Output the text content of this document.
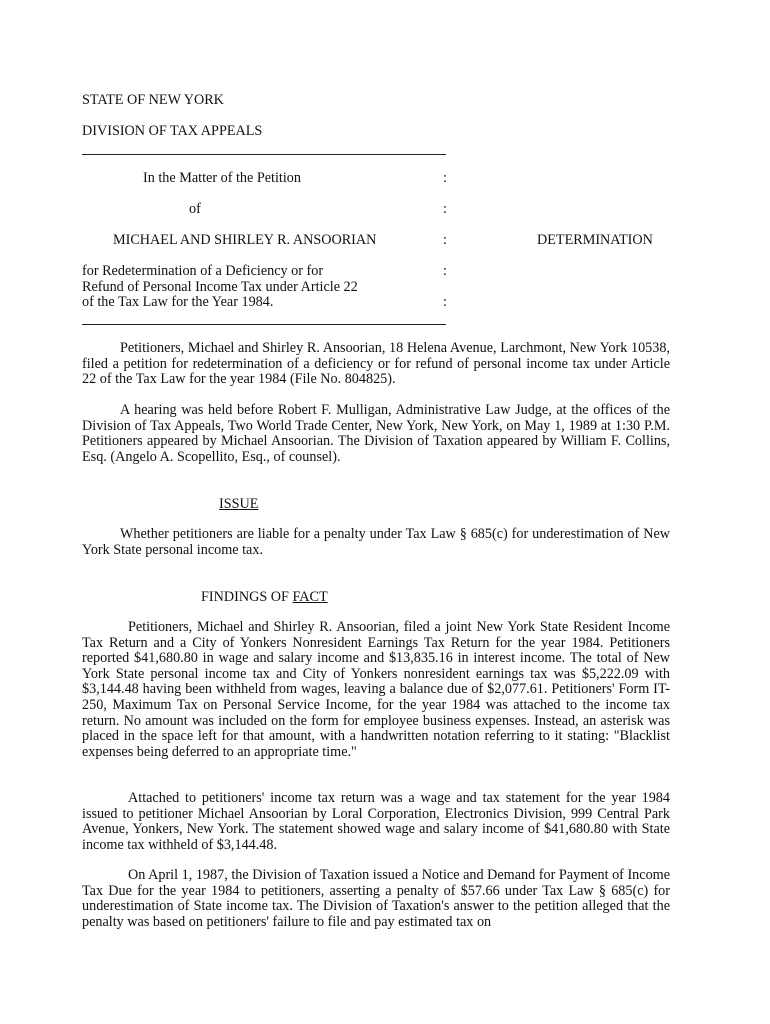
STATE OF NEW YORK
DIVISION OF TAX APPEALS
In the Matter of the Petition	:
of	:
MICHAEL AND SHIRLEY R. ANSOORIAN	:	DETERMINATION
for Redetermination of a Deficiency or for	:
Refund of Personal Income Tax under Article 22
of the Tax Law for the Year 1984.	:
Petitioners, Michael and Shirley R. Ansoorian, 18 Helena Avenue, Larchmont, New York 10538, filed a petition for redetermination of a deficiency or for refund of personal income tax under Article 22 of the Tax Law for the year 1984 (File No. 804825).
A hearing was held before Robert F. Mulligan, Administrative Law Judge, at the offices of the Division of Tax Appeals, Two World Trade Center, New York, New York, on May 1, 1989 at 1:30 P.M. Petitioners appeared by Michael Ansoorian. The Division of Taxation appeared by William F. Collins, Esq. (Angelo A. Scopellito, Esq., of counsel).
ISSUE
Whether petitioners are liable for a penalty under Tax Law § 685(c) for underestimation of New York State personal income tax.
FINDINGS OF FACT
Petitioners, Michael and Shirley R. Ansoorian, filed a joint New York State Resident Income Tax Return and a City of Yonkers Nonresident Earnings Tax Return for the year 1984. Petitioners reported $41,680.80 in wage and salary income and $13,835.16 in interest income. The total of New York State personal income tax and City of Yonkers nonresident earnings tax was $5,222.09 with $3,144.48 having been withheld from wages, leaving a balance due of $2,077.61. Petitioners' Form IT-250, Maximum Tax on Personal Service Income, for the year 1984 was attached to the income tax return. No amount was included on the form for employee business expenses. Instead, an asterisk was placed in the space left for that amount, with a handwritten notation referring to it stating: "Blacklist expenses being deferred to an appropriate time."
Attached to petitioners' income tax return was a wage and tax statement for the year 1984 issued to petitioner Michael Ansoorian by Loral Corporation, Electronics Division, 999 Central Park Avenue, Yonkers, New York. The statement showed wage and salary income of $41,680.80 with State income tax withheld of $3,144.48.
On April 1, 1987, the Division of Taxation issued a Notice and Demand for Payment of Income Tax Due for the year 1984 to petitioners, asserting a penalty of $57.66 under Tax Law § 685(c) for underestimation of State income tax. The Division of Taxation's answer to the petition alleged that the penalty was based on petitioners' failure to file and pay estimated tax on
